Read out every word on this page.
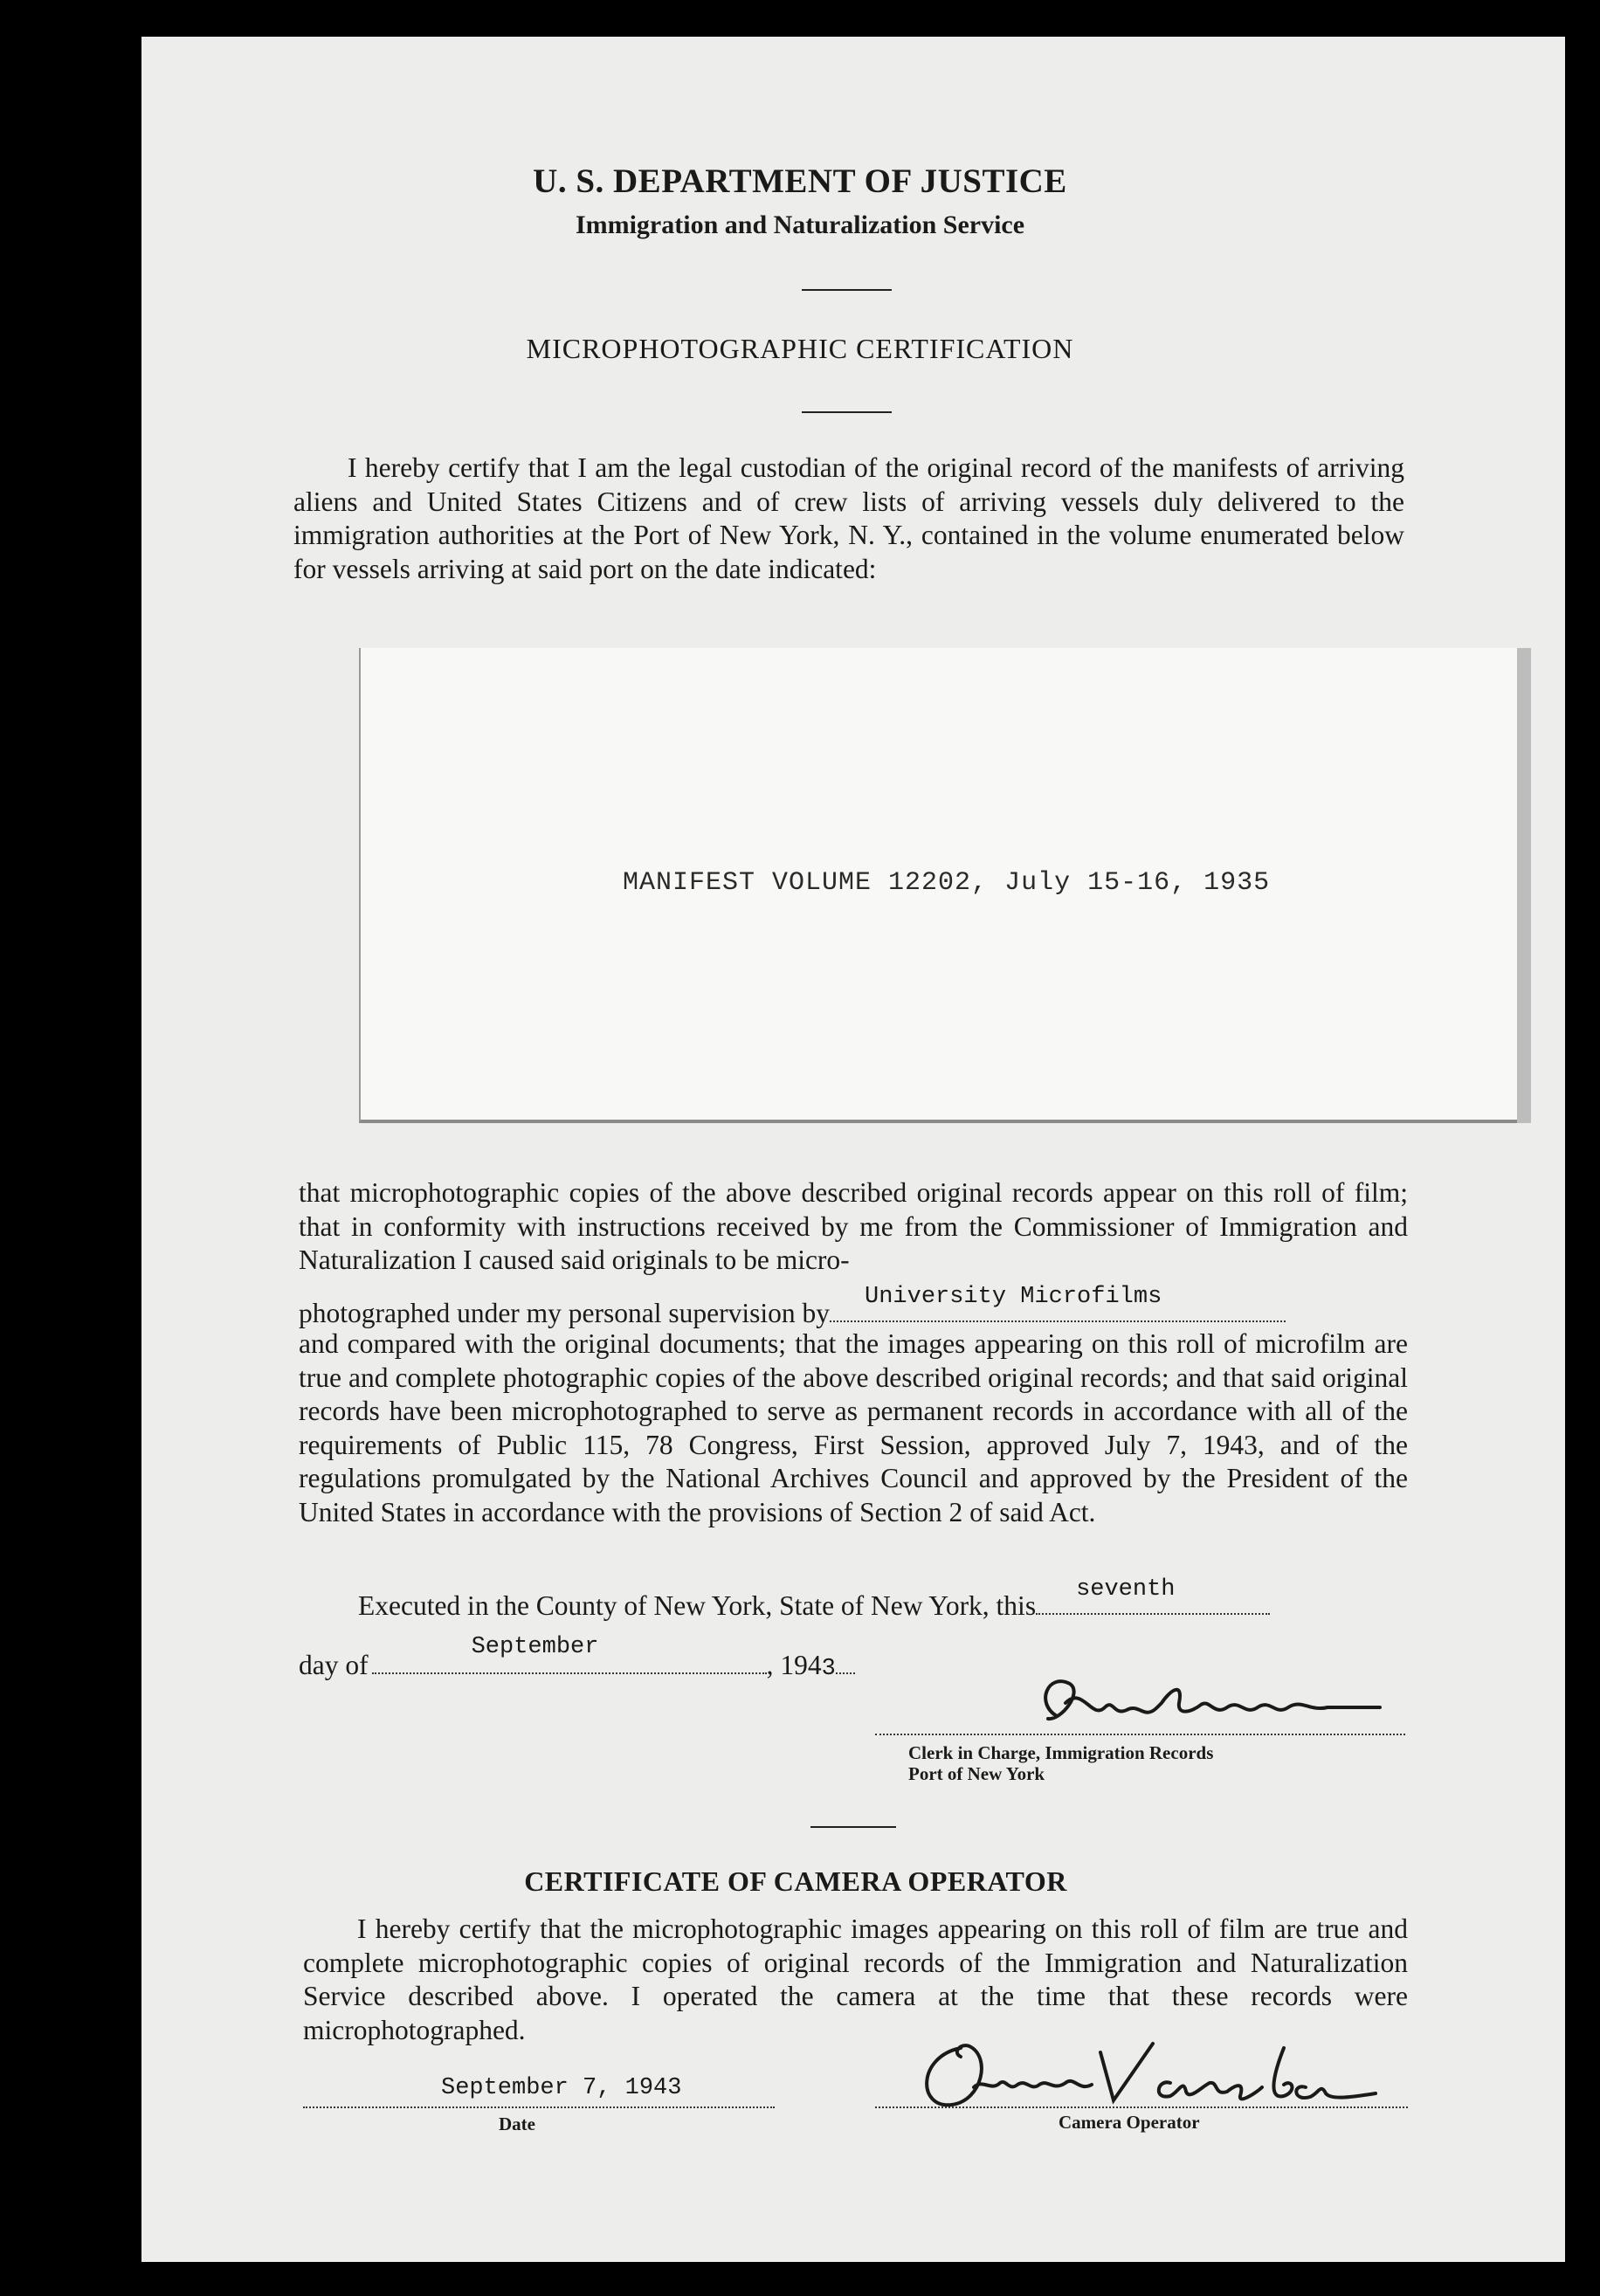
U. S. DEPARTMENT OF JUSTICE
Immigration and Naturalization Service
MICROPHOTOGRAPHIC CERTIFICATION
I hereby certify that I am the legal custodian of the original record of the manifests of arriving aliens and United States Citizens and of crew lists of arriving vessels duly delivered to the immigration authorities at the Port of New York, N. Y., contained in the volume enumerated below for vessels arriving at said port on the date indicated:
MANIFEST VOLUME 12202, July 15-16, 1935
that microphotographic copies of the above described original records appear on this roll of film; that in conformity with instructions received by me from the Commissioner of Immigration and Naturalization I caused said originals to be micro-
photographed under my personal supervision by
University Microfilms
and compared with the original documents; that the images appearing on this roll of microfilm are true and complete photographic copies of the above described original records; and that said original records have been microphotographed to serve as permanent records in accordance with all of the requirements of Public 115, 78 Congress, First Session, approved July 7, 1943, and of the regulations promulgated by the National Archives Council and approved by the President of the United States in accordance with the provisions of Section 2 of said Act.
Executed in the County of New York, State of New York, this
seventh
day of
September
, 1943
Clerk in Charge, Immigration Records
Port of New York
CERTIFICATE OF CAMERA OPERATOR
I hereby certify that the microphotographic images appearing on this roll of film are true and complete microphotographic copies of original records of the Immigration and Naturalization Service described above. I operated the camera at the time that these records were microphotographed.
September 7, 1943
Date	Camera Operator
